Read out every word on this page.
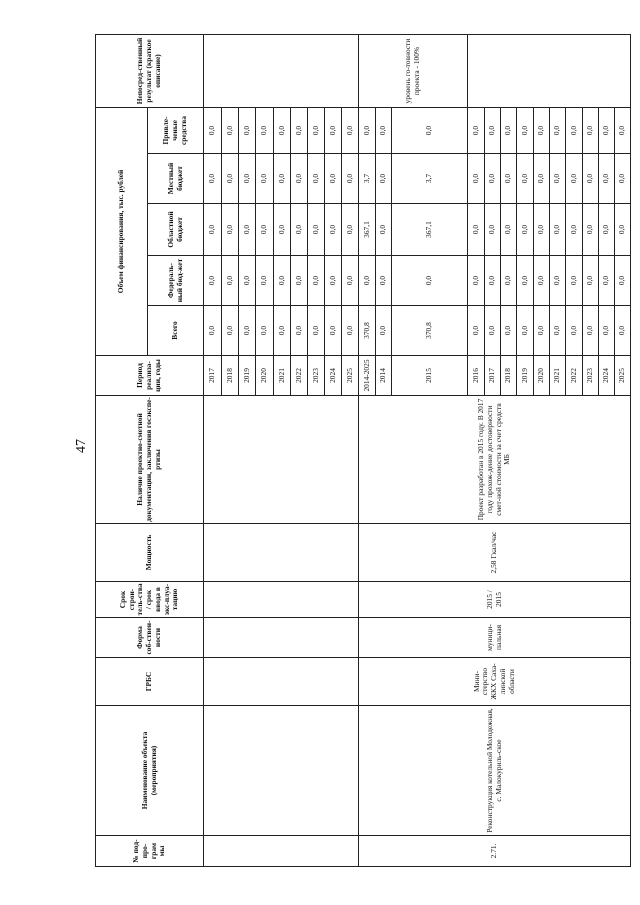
47
№ под-про-грам мы	Наименование объекта (мероприятия)	ГРБС	Форма соб-ствен-ности	Срок строи-тель-ства / срок ввода в экс-плуа-тацию	Мощность	Наличие проектно-сметной документации, заключения госэкспе-ртизы	Период реализа-ции, годы	Объем финансирования, тыс. рублей					Непосред-ственный результат (краткое описание)
								Всего	Федераль-ный бюд-жет	Областной бюджет	Местный бюджет	Привле-ченые средства	
							2017	0,0	0,0	0,0	0,0	0,0	
							2018	0,0	0,0	0,0	0,0	0,0	
							2019	0,0	0,0	0,0	0,0	0,0	
							2020	0,0	0,0	0,0	0,0	0,0	
							2021	0,0	0,0	0,0	0,0	0,0	
							2022	0,0	0,0	0,0	0,0	0,0	
							2023	0,0	0,0	0,0	0,0	0,0	
							2024	0,0	0,0	0,0	0,0	0,0	
							2025	0,0	0,0	0,0	0,0	0,0	
2.71.	Реконструкция котельной Молодежная, с. Малокуриль-ское	Мини-стерство ЖКХ Саха-линской области	муници-пальная	2015 / 2015	2,58 Гкал/час	Проект разработан в 2015 году. В 2017 году прохож-дение достоверности смет-ной стоимости за счет средств МБ	2014-2025	370,8	0,0	367,1	3,7	0,0	уровень го-товности проекта - 100%
							2014	0,0	0,0	0,0	0,0	0,0	
							2015	370,8	0,0	367,1	3,7	0,0	
							2016	0,0	0,0	0,0	0,0	0,0	
							2017	0,0	0,0	0,0	0,0	0,0	
							2018	0,0	0,0	0,0	0,0	0,0	
							2019	0,0	0,0	0,0	0,0	0,0	
							2020	0,0	0,0	0,0	0,0	0,0	
							2021	0,0	0,0	0,0	0,0	0,0	
							2022	0,0	0,0	0,0	0,0	0,0	
							2023	0,0	0,0	0,0	0,0	0,0	
							2024	0,0	0,0	0,0	0,0	0,0	
							2025	0,0	0,0	0,0	0,0	0,0	
